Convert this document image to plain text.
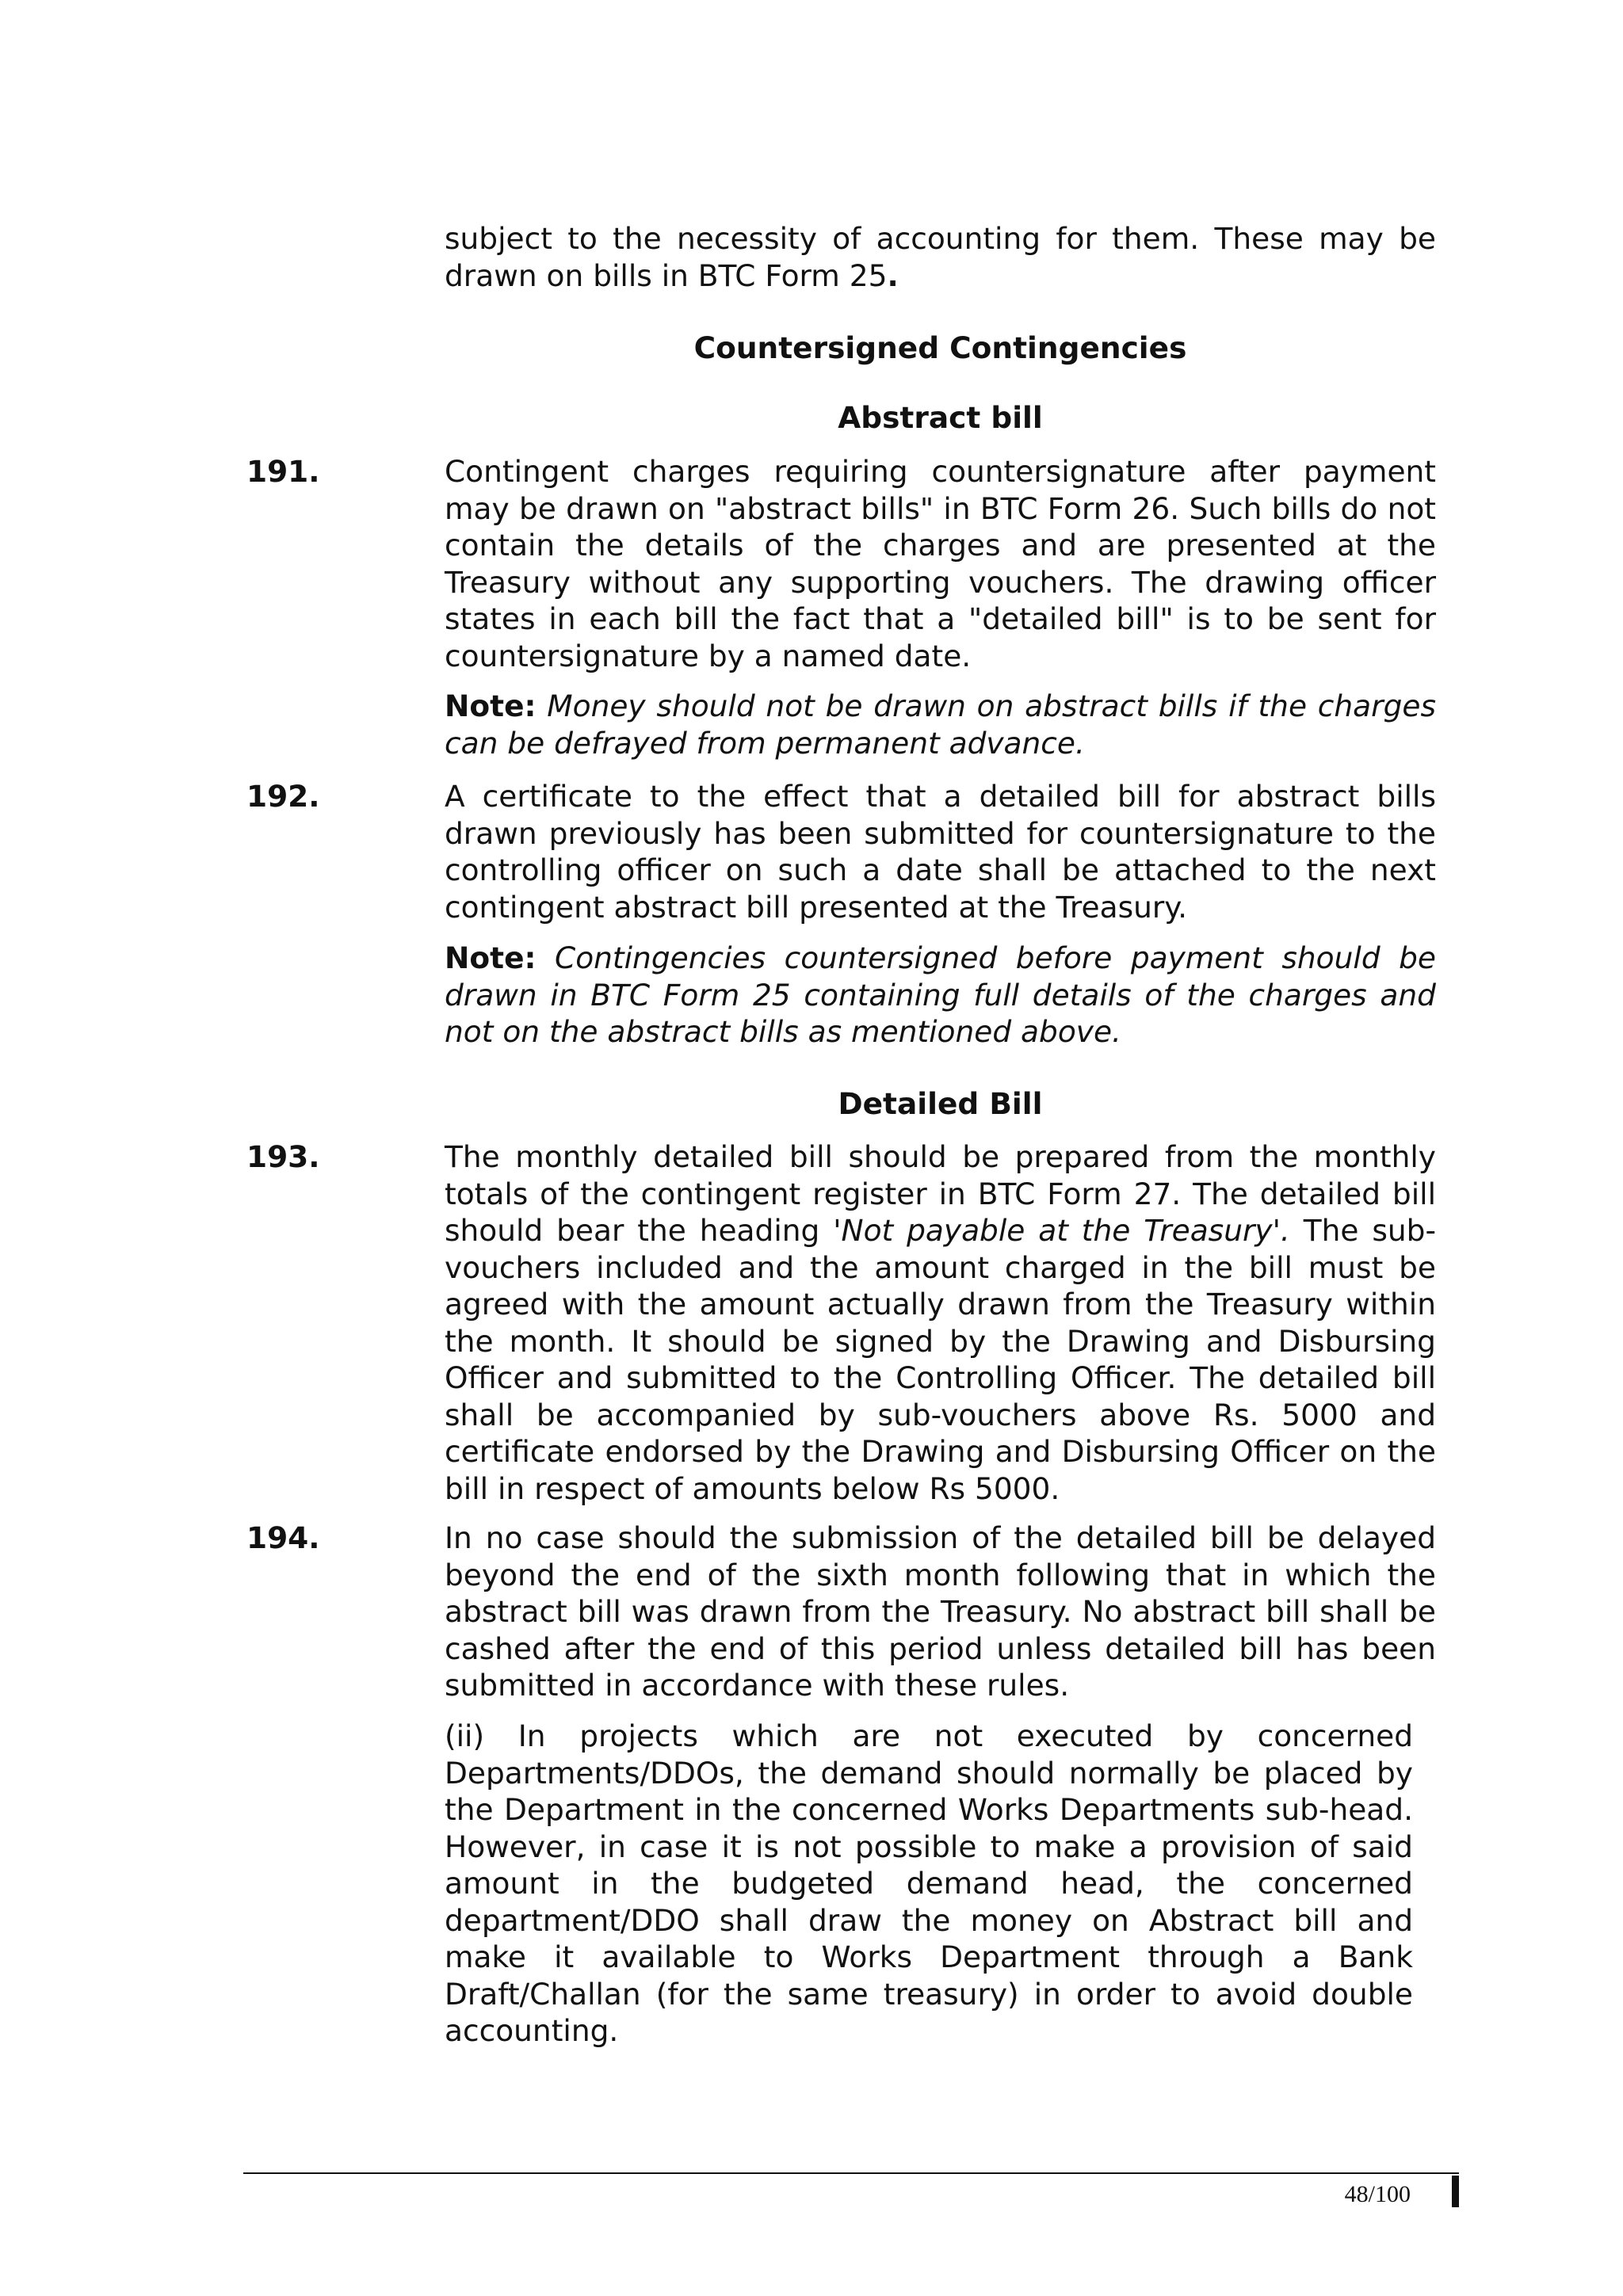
subject to the necessity of accounting for them. These may be drawn on bills in BTC Form 25.

Countersigned Contingencies

Abstract bill

191.	Contingent charges requiring countersignature after payment may be drawn on "abstract bills" in BTC Form 26. Such bills do not contain the details of the charges and are presented at the Treasury without any supporting vouchers. The drawing officer states in each bill the fact that a "detailed bill" is to be sent for countersignature by a named date.

Note: Money should not be drawn on abstract bills if the charges can be defrayed from permanent advance.

192.	A certificate to the effect that a detailed bill for abstract bills drawn previously has been submitted for countersignature to the controlling officer on such a date shall be attached to the next contingent abstract bill presented at the Treasury.

Note: Contingencies countersigned before payment should be drawn in BTC Form 25 containing full details of the charges and not on the abstract bills as mentioned above.

Detailed Bill

193.	The monthly detailed bill should be prepared from the monthly totals of the contingent register in BTC Form 27. The detailed bill should bear the heading 'Not payable at the Treasury'. The sub-vouchers included and the amount charged in the bill must be agreed with the amount actually drawn from the Treasury within the month. It should be signed by the Drawing and Disbursing Officer and submitted to the Controlling Officer. The detailed bill shall be accompanied by sub-vouchers above Rs. 5000 and certificate endorsed by the Drawing and Disbursing Officer on the bill in respect of amounts below Rs 5000.

194.	In no case should the submission of the detailed bill be delayed beyond the end of the sixth month following that in which the abstract bill was drawn from the Treasury. No abstract bill shall be cashed after the end of this period unless detailed bill has been submitted in accordance with these rules.

(ii) In projects which are not executed by concerned Departments/DDOs, the demand should normally be placed by the Department in the concerned Works Departments sub-head. However, in case it is not possible to make a provision of said amount in the budgeted demand head, the concerned department/DDO shall draw the money on Abstract bill and make it available to Works Department through a Bank Draft/Challan (for the same treasury) in order to avoid double accounting.

48/100
